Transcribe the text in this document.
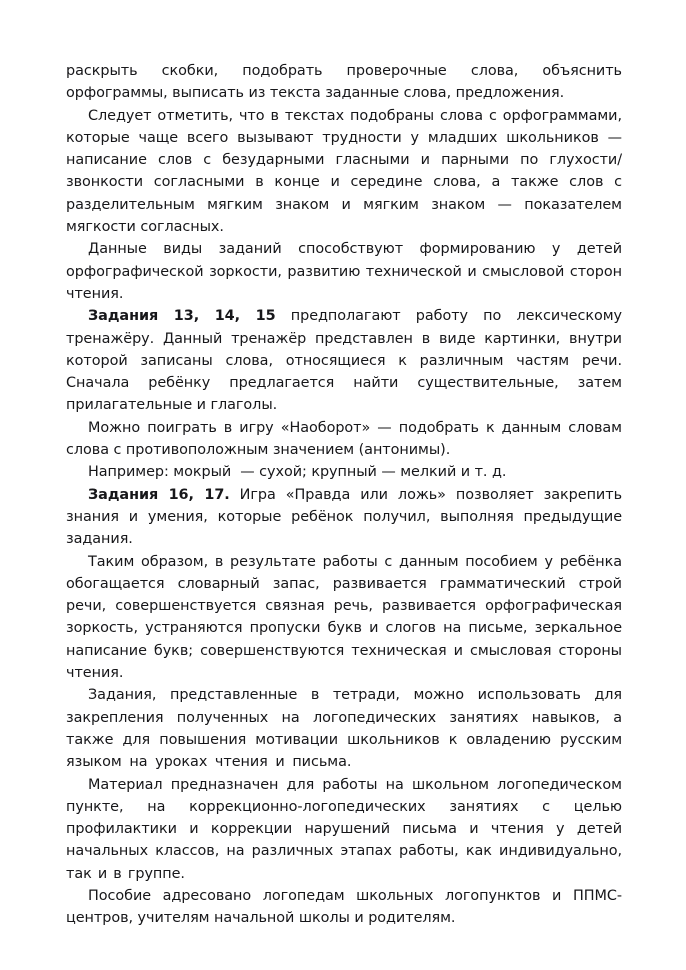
раскрыть скобки, подобрать проверочные слова, объяснить орфограммы, выписать из текста заданные слова, предложения.

Следует отметить, что в текстах подобраны слова с орфограммами, которые чаще всего вызывают трудности у младших школьников — написание слов с безударными гласными и парными по глухости/звонкости согласными в конце и середине слова, а также слов с разделительным мягким знаком и мягким знаком — показателем мягкости согласных.

Данные виды заданий способствуют формированию у детей орфографической зоркости, развитию технической и смысловой сторон чтения.

Задания 13, 14, 15 предполагают работу по лексическому тренажёру. Данный тренажёр представлен в виде картинки, внутри которой записаны слова, относящиеся к различным частям речи. Сначала ребёнку предлагается найти существительные, затем прилагательные и глаголы.

Можно поиграть в игру «Наоборот» — подобрать к данным словам слова с противоположным значением (антонимы).

Например: мокрый — сухой; крупный — мелкий и т. д.

Задания 16, 17. Игра «Правда или ложь» позволяет закрепить знания и умения, которые ребёнок получил, выполняя предыдущие задания.

Таким образом, в результате работы с данным пособием у ребёнка обогащается словарный запас, развивается грамматический строй речи, совершенствуется связная речь, развивается орфографическая зоркость, устраняются пропуски букв и слогов на письме, зеркальное написание букв; совершенствуются техническая и смысловая стороны чтения.

Задания, представленные в тетради, можно использовать для закрепления полученных на логопедических занятиях навыков, а также для повышения мотивации школьников к овладению русским языком на уроках чтения и письма.

Материал предназначен для работы на школьном логопедическом пункте, на коррекционно-логопедических занятиях с целью профилактики и коррекции нарушений письма и чтения у детей начальных классов, на различных этапах работы, как индивидуально, так и в группе.

Пособие адресовано логопедам школьных логопунктов и ППМС-центров, учителям начальной школы и родителям.
